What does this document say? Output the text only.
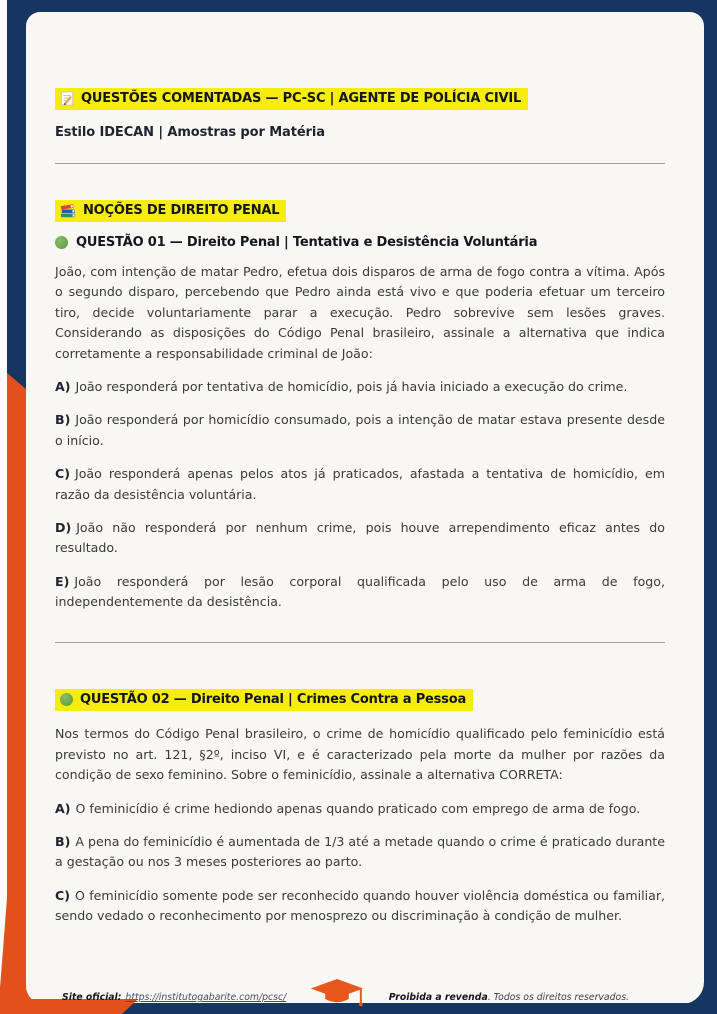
QUESTÕES COMENTADAS — PC-SC | AGENTE DE POLÍCIA CIVIL
Estilo IDECAN | Amostras por Matéria
NOÇÕES DE DIREITO PENAL
QUESTÃO 01 — Direito Penal | Tentativa e Desistência Voluntária

João, com intenção de matar Pedro, efetua dois disparos de arma de fogo contra a vítima. Após o segundo disparo, percebendo que Pedro ainda está vivo e que poderia efetuar um terceiro tiro, decide voluntariamente parar a execução. Pedro sobrevive sem lesões graves. Considerando as disposições do Código Penal brasileiro, assinale a alternativa que indica corretamente a responsabilidade criminal de João:

A) João responderá por tentativa de homicídio, pois já havia iniciado a execução do crime.

B) João responderá por homicídio consumado, pois a intenção de matar estava presente desde o início.

C) João responderá apenas pelos atos já praticados, afastada a tentativa de homicídio, em razão da desistência voluntária.

D) João não responderá por nenhum crime, pois houve arrependimento eficaz antes do resultado.

E) João responderá por lesão corporal qualificada pelo uso de arma de fogo, independentemente da desistência.

QUESTÃO 02 — Direito Penal | Crimes Contra a Pessoa

Nos termos do Código Penal brasileiro, o crime de homicídio qualificado pelo feminicídio está previsto no art. 121, §2º, inciso VI, e é caracterizado pela morte da mulher por razões da condição de sexo feminino. Sobre o feminicídio, assinale a alternativa CORRETA:

A) O feminicídio é crime hediondo apenas quando praticado com emprego de arma de fogo.

B) A pena do feminicídio é aumentada de 1/3 até a metade quando o crime é praticado durante a gestação ou nos 3 meses posteriores ao parto.

C) O feminicídio somente pode ser reconhecido quando houver violência doméstica ou familiar, sendo vedado o reconhecimento por menosprezo ou discriminação à condição de mulher.

Site oficial: https://institutogabarite.com/pcsc/	Proibida a revenda. Todos os direitos reservados.
